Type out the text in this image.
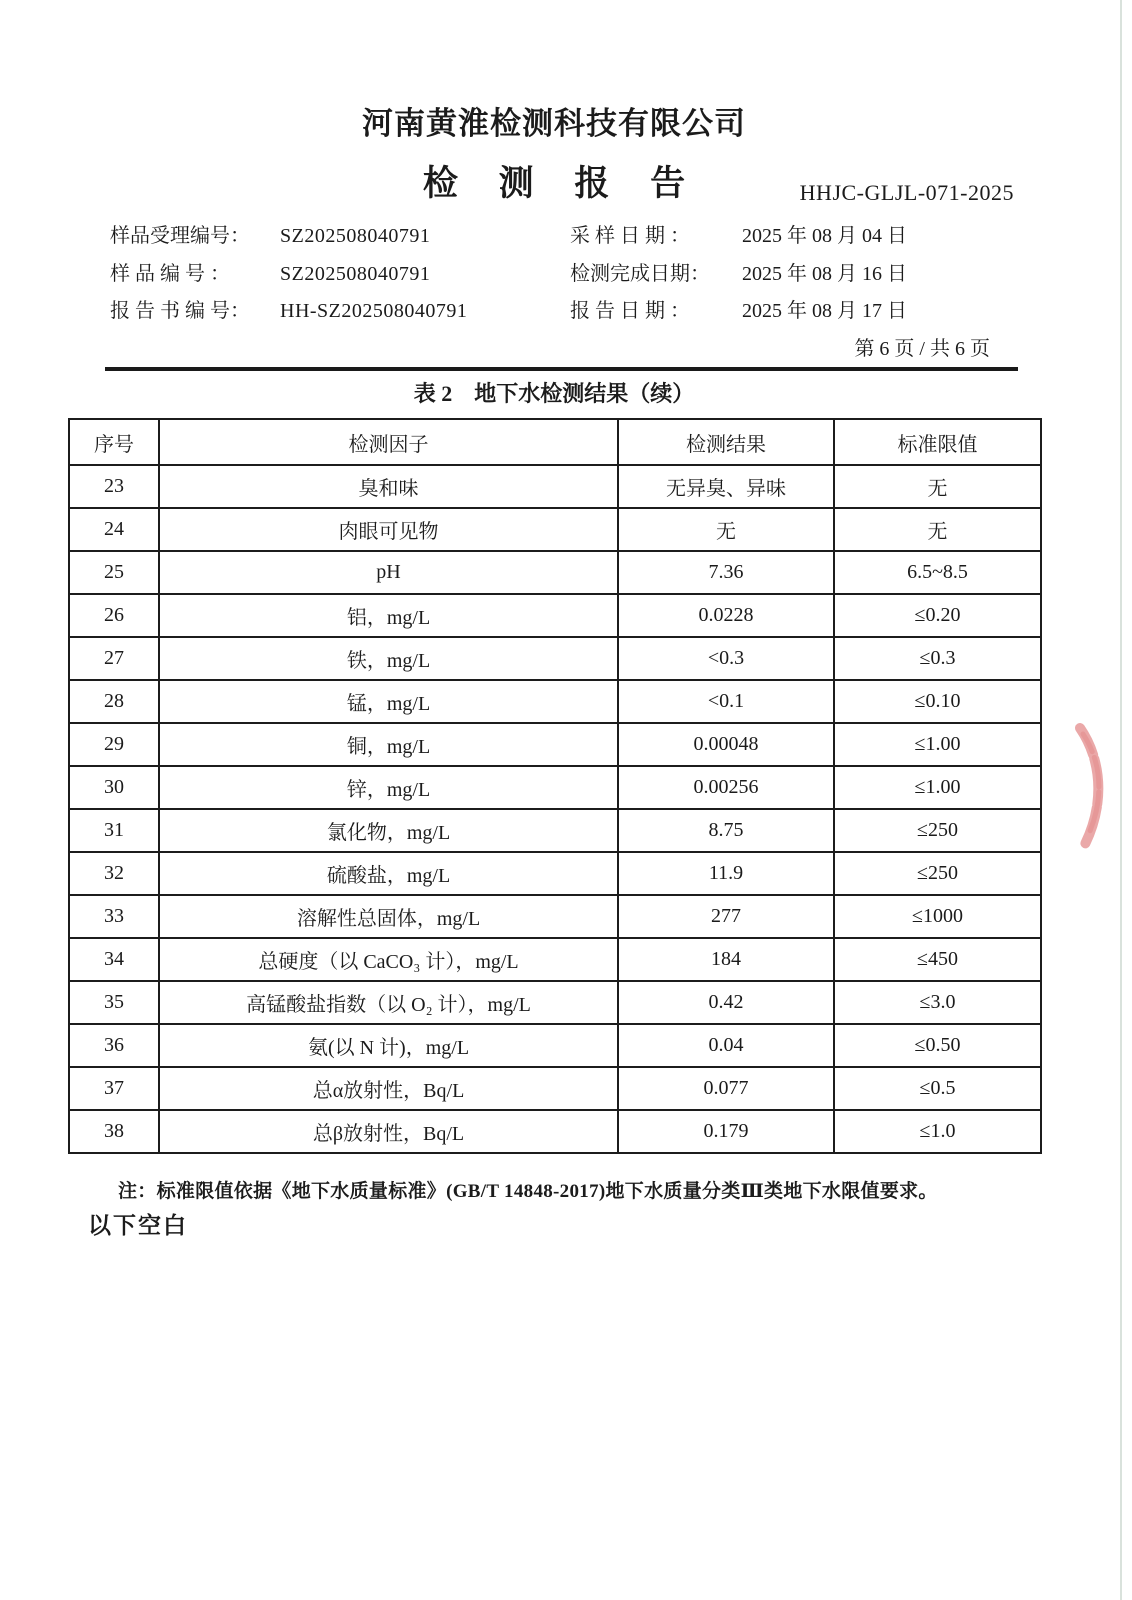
河南黄淮检测科技有限公司
检 测 报 告	HHJC-GLJL-071-2025
样品受理编号：	SZ202508040791	采 样 日 期 ：	2025 年 08 月 04 日
样 品 编 号 ：	SZ202508040791	检测完成日期：	2025 年 08 月 16 日
报 告 书 编 号：	HH-SZ202508040791	报 告 日 期 ：	2025 年 08 月 17 日
第 6 页 / 共 6 页
表 2　地下水检测结果（续）
序号	检测因子	检测结果	标准限值
23	臭和味	无异臭、异味	无
24	肉眼可见物	无	无
25	pH	7.36	6.5~8.5
26	铝，mg/L	0.0228	≤0.20
27	铁，mg/L	<0.3	≤0.3
28	锰，mg/L	<0.1	≤0.10
29	铜，mg/L	0.00048	≤1.00
30	锌，mg/L	0.00256	≤1.00
31	氯化物，mg/L	8.75	≤250
32	硫酸盐，mg/L	11.9	≤250
33	溶解性总固体，mg/L	277	≤1000
34	总硬度（以 CaCO₃ 计），mg/L	184	≤450
35	高锰酸盐指数（以 O₂ 计），mg/L	0.42	≤3.0
36	氨(以 N 计)，mg/L	0.04	≤0.50
37	总α放射性，Bq/L	0.077	≤0.5
38	总β放射性，Bq/L	0.179	≤1.0
注：标准限值依据《地下水质量标准》(GB/T 14848-2017)地下水质量分类Ⅲ类地下水限值要求。
以下空白
